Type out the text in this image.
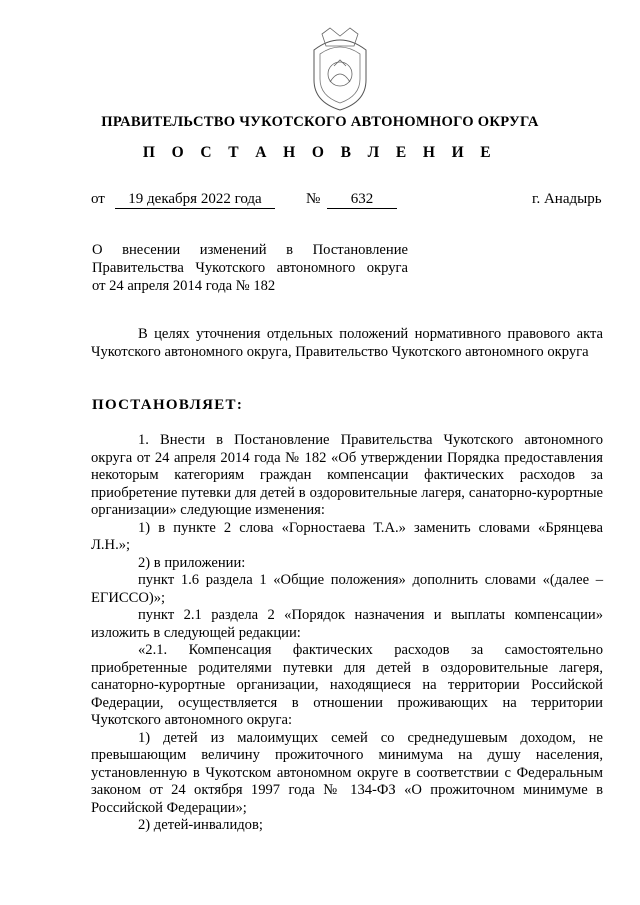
ПРАВИТЕЛЬСТВО ЧУКОТСКОГО АВТОНОМНОГО ОКРУГА
П О С Т А Н О В Л Е Н И Е
от	19 декабря 2022 года	№	632	г. Анадырь
О внесении изменений в Постановление
Правительства Чукотского автономного округа
от 24 апреля 2014 года № 182

В целях уточнения отдельных положений нормативного правового акта Чукотского автономного округа, Правительство Чукотского автономного округа

ПОСТАНОВЛЯЕТ:

1. Внести в Постановление Правительства Чукотского автономного округа от 24 апреля 2014 года № 182 «Об утверждении Порядка предоставления некоторым категориям граждан компенсации фактических расходов за приобретение путевки для детей в оздоровительные лагеря, санаторно-курортные организации» следующие изменения:

1) в пункте 2 слова «Горностаева Т.А.» заменить словами «Брянцева Л.Н.»;

2) в приложении:

пункт 1.6 раздела 1 «Общие положения» дополнить словами «(далее – ЕГИССО)»;

пункт 2.1 раздела 2 «Порядок назначения и выплаты компенсации» изложить в следующей редакции:

«2.1. Компенсация фактических расходов за самостоятельно приобретенные родителями путевки для детей в оздоровительные лагеря, санаторно-курортные организации, находящиеся на территории Российской Федерации, осуществляется в отношении проживающих на территории Чукотского автономного округа:

1) детей из малоимущих семей со среднедушевым доходом, не превышающим величину прожиточного минимума на душу населения, установленную в Чукотском автономном округе в соответствии с Федеральным законом от 24 октября 1997 года № 134-ФЗ «О прожиточном минимуме в Российской Федерации»;

2) детей-инвалидов;
